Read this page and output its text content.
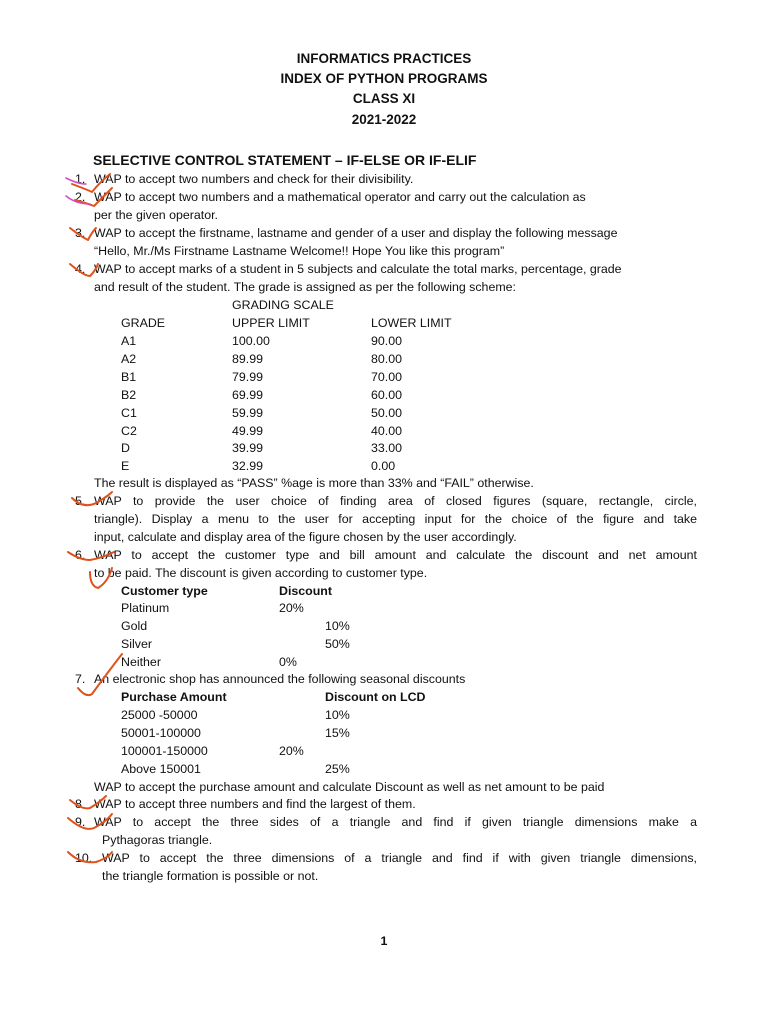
INFORMATICS PRACTICES
INDEX OF PYTHON PROGRAMS
CLASS XI
2021-2022
SELECTIVE CONTROL STATEMENT – IF-ELSE OR IF-ELIF
1. WAP to accept two numbers and check for their divisibility.
2. WAP to accept two numbers and a mathematical operator and carry out the calculation as
per the given operator.
3. WAP to accept the firstname, lastname and gender of a user and display the following message
“Hello, Mr./Ms Firstname Lastname Welcome!! Hope You like this program”
4. WAP to accept marks of a student in 5 subjects and calculate the total marks, percentage, grade
and result of the student. The grade is assigned as per the following scheme:
GRADING SCALE
GRADE	UPPER LIMIT	LOWER LIMIT
A1	100.00	90.00
A2	89.99	80.00
B1	79.99	70.00
B2	69.99	60.00
C1	59.99	50.00
C2	49.99	40.00
D	39.99	33.00
E	32.99	0.00
The result is displayed as “PASS” %age is more than 33% and “FAIL” otherwise.
5. WAP to provide the user choice of finding area of closed figures (square, rectangle, circle,
triangle). Display a menu to the user for accepting input for the choice of the figure and take
input, calculate and display area of the figure chosen by the user accordingly.
6. WAP to accept the customer type and bill amount and calculate the discount and net amount
to be paid. The discount is given according to customer type.
Customer type	Discount
Platinum	20%
Gold	10%
Silver	50%
Neither	0%
7. An electronic shop has announced the following seasonal discounts
Purchase Amount	Discount on LCD
25000 -50000	10%
50001-100000	15%
100001-150000	20%
Above 150001	25%
WAP to accept the purchase amount and calculate Discount as well as net amount to be paid
8 WAP to accept three numbers and find the largest of them.
9. WAP to accept the three sides of a triangle and find if given triangle dimensions make a
Pythagoras triangle.
10. WAP to accept the three dimensions of a triangle and find if with given triangle dimensions,
the triangle formation is possible or not.
1
